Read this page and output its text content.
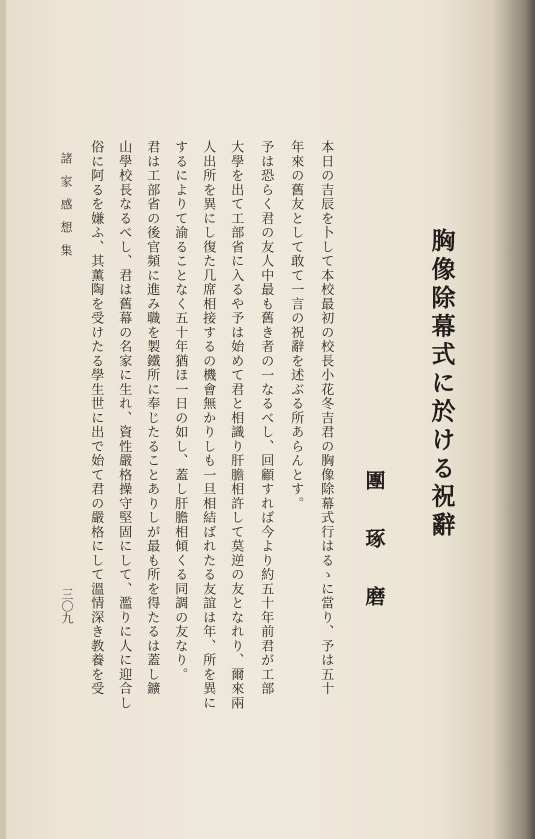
胸像除幕式に於ける祝辭
團琢磨
本日の吉辰を卜して本校最初の校長小花冬吉君の胸像除幕式行はるゝに當り、予は五十
年來の舊友として敢て一言の祝辭を述ぶる所あらんとす。
予は恐らく君の友人中最も舊き者の一なるべし、回顧すれば今より約五十年前君が工部
大學を出て工部省に入るや予は始めて君と相識り肝膽相許して莫逆の友となれり、爾來兩
人出所を異にし復た几席相接するの機會無かりしも一旦相結ばれたる友誼は年、所を異に
するによりて渝ることなく五十年猶ほ一日の如し、蓋し肝膽相傾くる同調の友なり。
君は工部省の後官頻に進み職を製鐵所に奉じたることありしが最も所を得たるは蓋し鑛
山學校長なるべし、君は舊幕の名家に生れ、資性嚴格操守堅固にして、濫りに人に迎合し
俗に阿るを嫌ふ、其薫陶を受けたる學生世に出で始て君の嚴格にして溫情深き教養を受
諸家感想集
三〇九
